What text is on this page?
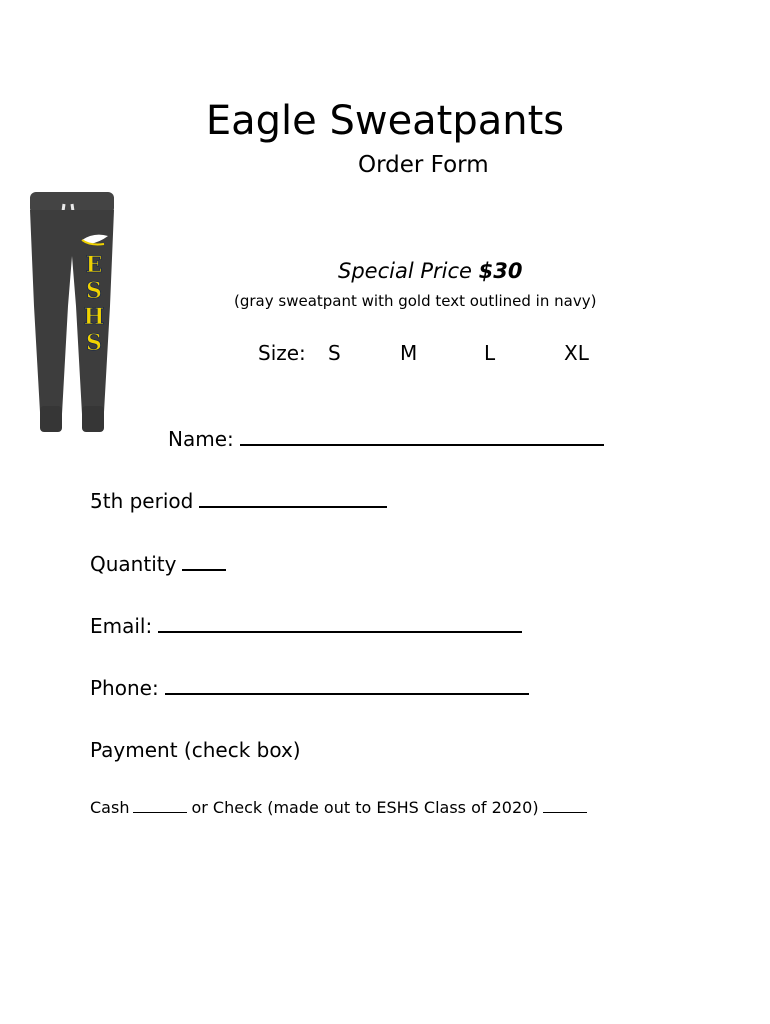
E
S
H
S
Eagle Sweatpants
Order Form
Special Price $30
(gray sweatpant with gold text outlined in navy)
Size: S	M	L	XL
Name:
5th period
Quantity
Email:
Phone:
Payment (check box)
Cash	or Check (made out to ESHS Class of 2020)
